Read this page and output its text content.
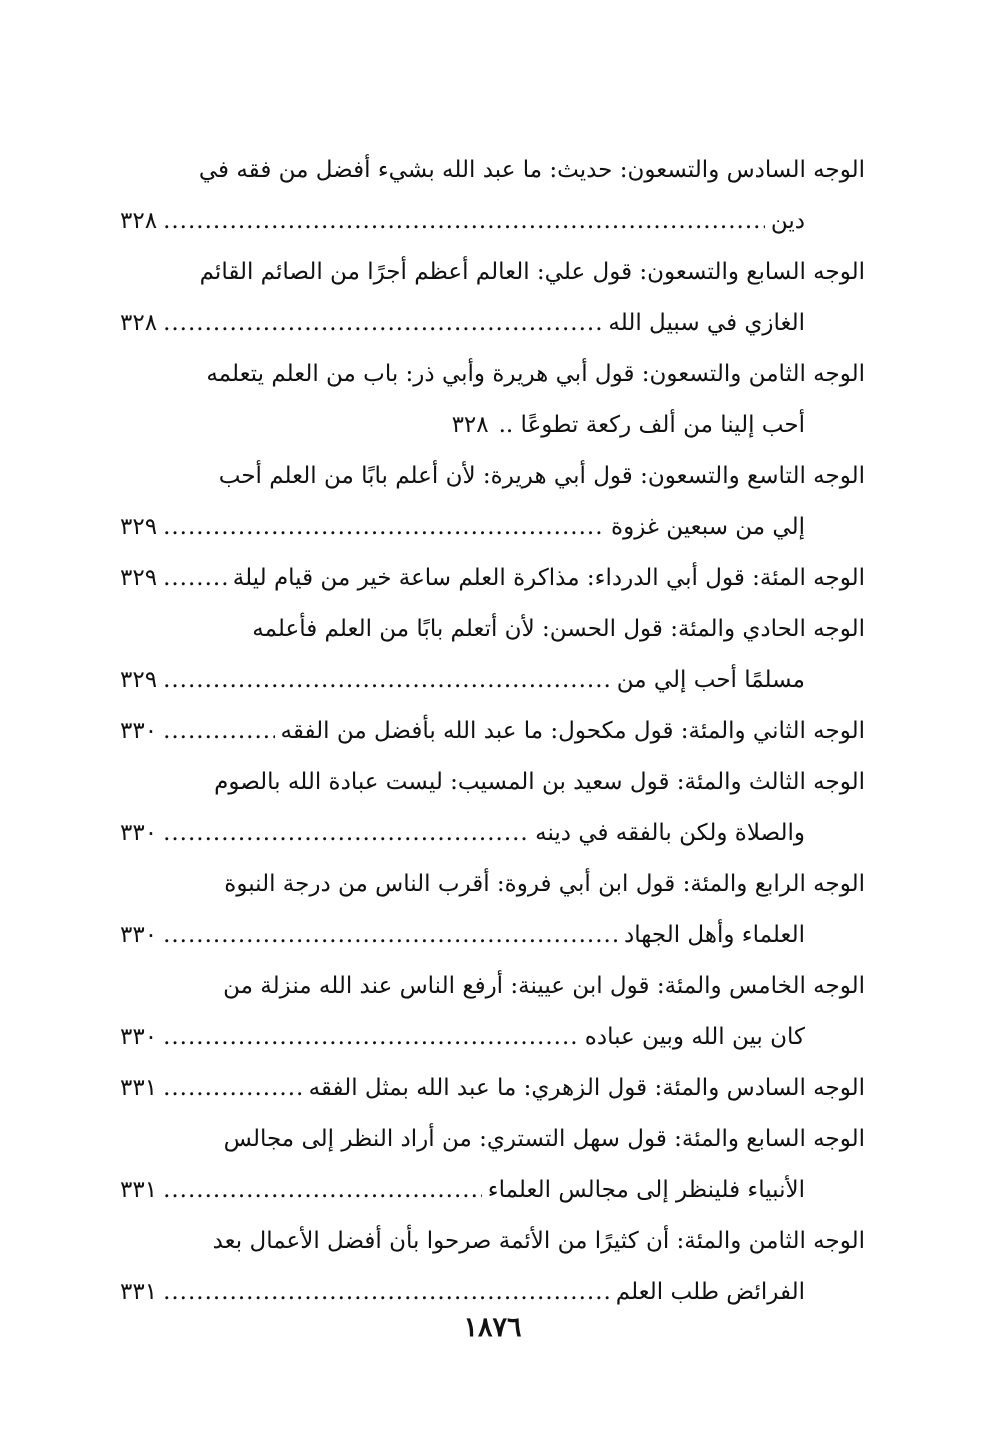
الوجه السادس والتسعون: حديث: ما عبد الله بشيء أفضل من فقه في
دين
.....
٣٢٨
الوجه السابع والتسعون: قول علي: العالم أعظم أجرًا من الصائم القائم
الغازي في سبيل الله
.....
٣٢٨
الوجه الثامن والتسعون: قول أبي هريرة وأبي ذر: باب من العلم يتعلمه
أحب إلينا من ألف ركعة تطوعًا ..
٣٢٨
الوجه التاسع والتسعون: قول أبي هريرة: لأن أعلم بابًا من العلم أحب
إلي من سبعين غزوة
.....
٣٢٩
الوجه المئة: قول أبي الدرداء: مذاكرة العلم ساعة خير من قيام ليلة
.....
٣٢٩
الوجه الحادي والمئة: قول الحسن: لأن أتعلم بابًا من العلم فأعلمه
مسلمًا أحب إلي من
.....
٣٢٩
الوجه الثاني والمئة: قول مكحول: ما عبد الله بأفضل من الفقه
.....
٣٣٠
الوجه الثالث والمئة: قول سعيد بن المسيب: ليست عبادة الله بالصوم
والصلاة ولكن بالفقه في دينه
.....
٣٣٠
الوجه الرابع والمئة: قول ابن أبي فروة: أقرب الناس من درجة النبوة
العلماء وأهل الجهاد
.....
٣٣٠
الوجه الخامس والمئة: قول ابن عيينة: أرفع الناس عند الله منزلة من
كان بين الله وبين عباده
.....
٣٣٠
الوجه السادس والمئة: قول الزهري: ما عبد الله بمثل الفقه
.....
٣٣١
الوجه السابع والمئة: قول سهل التستري: من أراد النظر إلى مجالس
الأنبياء فلينظر إلى مجالس العلماء
.....
٣٣١
الوجه الثامن والمئة: أن كثيرًا من الأئمة صرحوا بأن أفضل الأعمال بعد
الفرائض طلب العلم
.....
٣٣١
١٨٧٦
